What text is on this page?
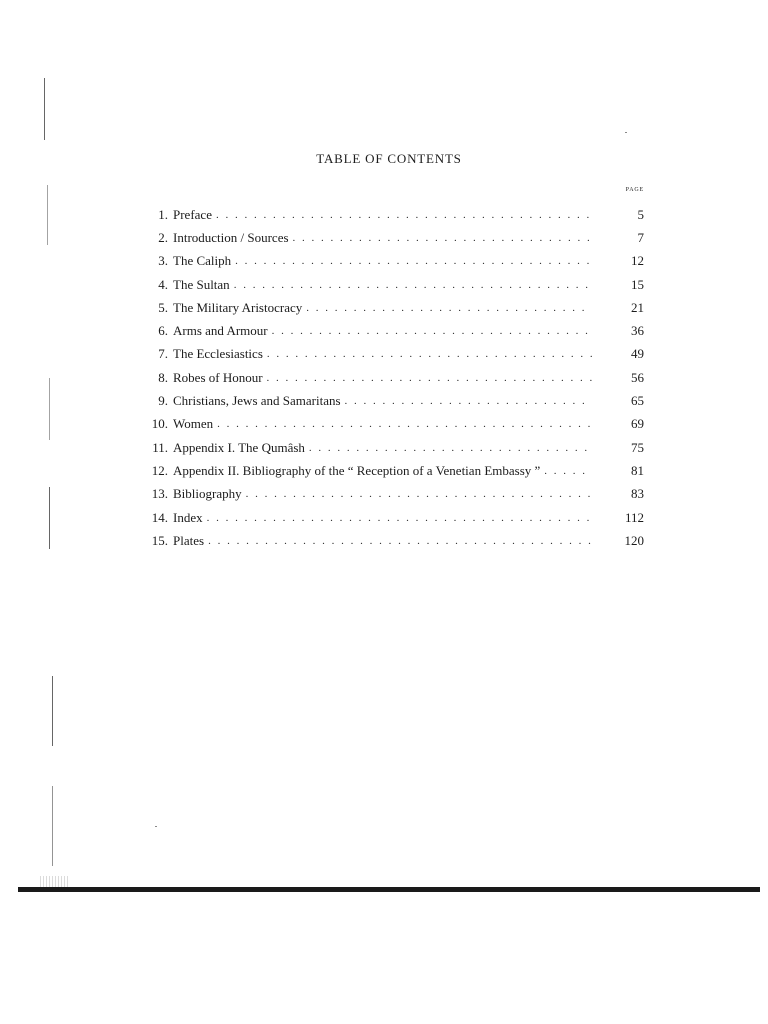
TABLE OF CONTENTS
PAGE
1. Preface . . .	5
2. Introduction / Sources . . .	7
3. The Caliph . . .	12
4. The Sultan . . .	15
5. The Military Aristocracy . . .	21
6. Arms and Armour . . .	36
7. The Ecclesiastics . . .	49
8. Robes of Honour . . .	56
9. Christians, Jews and Samaritans . . .	65
10. Women . . .	69
11. Appendix I. The Qumâsh . . .	75
12. Appendix II. Bibliography of the “ Reception of a Venetian Embassy ” . . .	81
13. Bibliography . . .	83
14. Index . . .	112
15. Plates . . .	120
